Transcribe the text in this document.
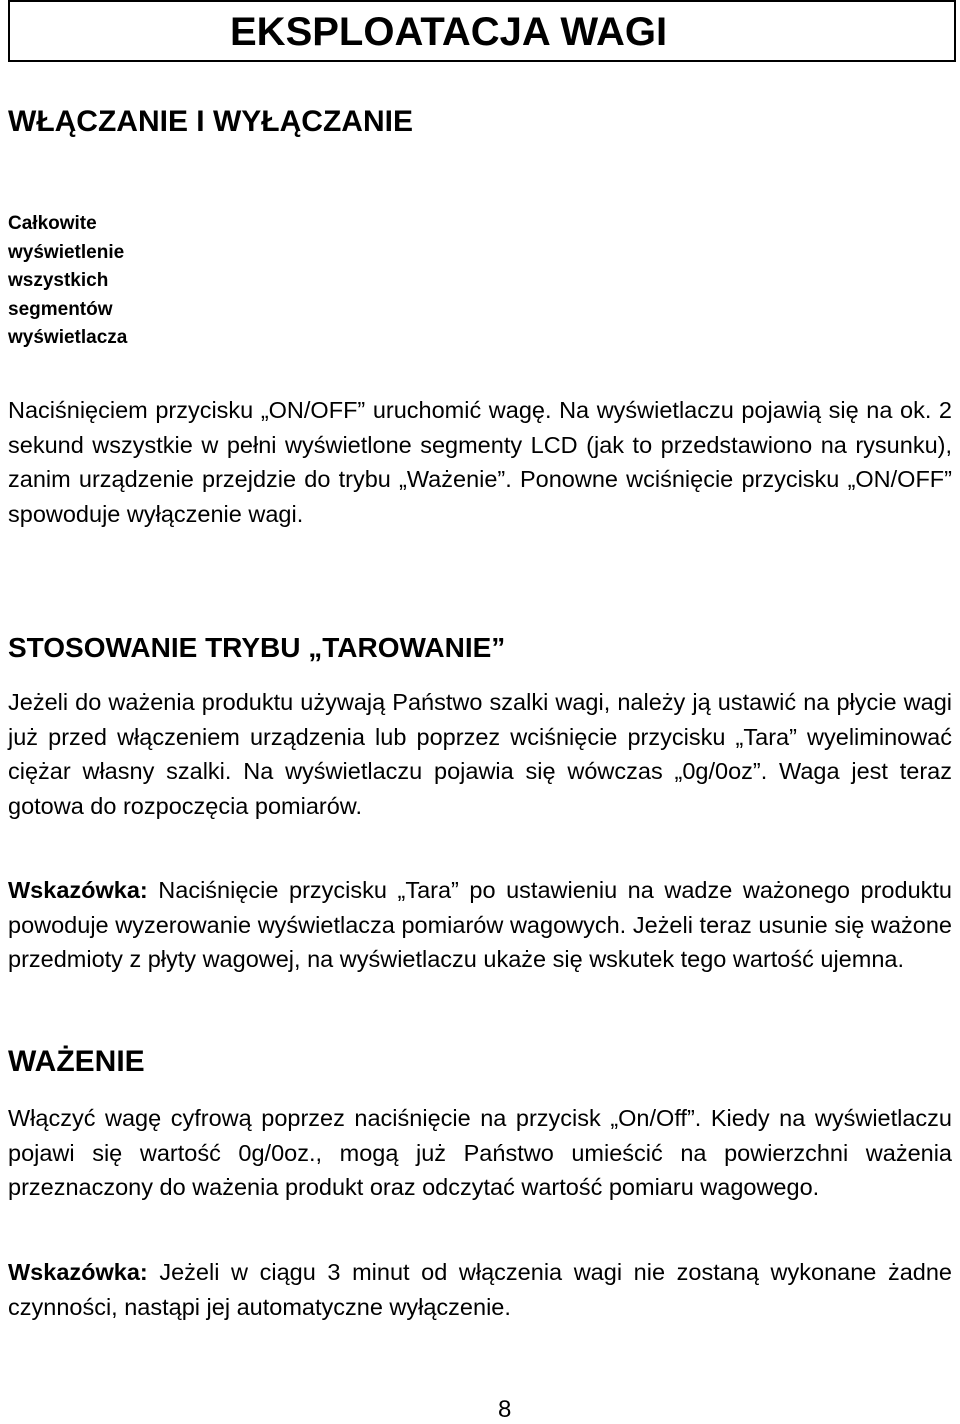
EKSPLOATACJA WAGI
WŁĄCZANIE I WYŁĄCZANIE
Całkowite
wyświetlenie
wszystkich
segmentów
wyświetlacza

Naciśnięciem przycisku „ON/OFF” uruchomić wagę. Na wyświetlaczu pojawią się na ok. 2 sekund wszystkie w pełni wyświetlone segmenty LCD (jak to przedstawiono na rysunku), zanim urządzenie przejdzie do trybu „Ważenie”. Ponowne wciśnięcie przycisku „ON/OFF” spowoduje wyłączenie wagi.

STOSOWANIE TRYBU „TAROWANIE”

Jeżeli do ważenia produktu używają Państwo szalki wagi, należy ją ustawić na płycie wagi już przed włączeniem urządzenia lub poprzez wciśnięcie przycisku „Tara” wyeliminować ciężar własny szalki. Na wyświetlaczu pojawia się wówczas „0g/0oz”. Waga jest teraz gotowa do rozpoczęcia pomiarów.

Wskazówka: Naciśnięcie przycisku „Tara” po ustawieniu na wadze ważonego produktu powoduje wyzerowanie wyświetlacza pomiarów wagowych. Jeżeli teraz usunie się ważone przedmioty z płyty wagowej, na wyświetlaczu ukaże się wskutek tego wartość ujemna.

WAŻENIE

Włączyć wagę cyfrową poprzez naciśnięcie na przycisk „On/Off”. Kiedy na wyświetlaczu pojawi się wartość 0g/0oz., mogą już Państwo umieścić na powierzchni ważenia przeznaczony do ważenia produkt oraz odczytać wartość pomiaru wagowego.

Wskazówka: Jeżeli w ciągu 3 minut od włączenia wagi nie zostaną wykonane żadne czynności, nastąpi jej automatyczne wyłączenie.

8
